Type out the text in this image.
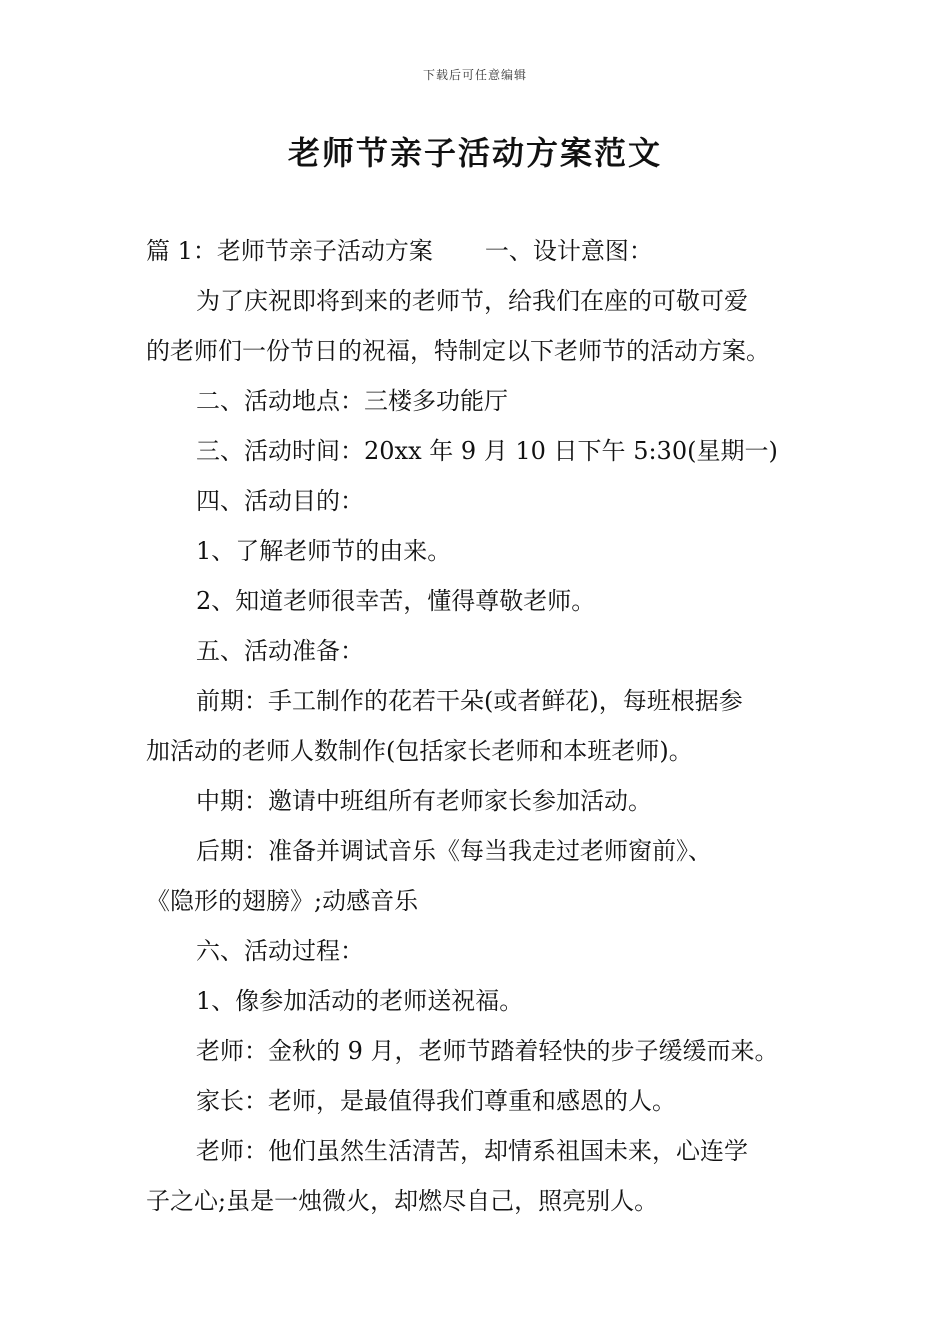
下载后可任意编辑
老师节亲子活动方案范文

篇 1：老师节亲子活动方案 一、设计意图：

为了庆祝即将到来的老师节，给我们在座的可敬可爱

的老师们一份节日的祝福，特制定以下老师节的活动方案。

二、活动地点：三楼多功能厅

三、活动时间：20xx 年 9 月 10 日下午 5:30(星期一)

四、活动目的：

1、了解老师节的由来。

2、知道老师很幸苦，懂得尊敬老师。

五、活动准备：

前期：手工制作的花若干朵(或者鲜花)，每班根据参

加活动的老师人数制作(包括家长老师和本班老师)。

中期：邀请中班组所有老师家长参加活动。

后期：准备并调试音乐《每当我走过老师窗前》、

《隐形的翅膀》;动感音乐

六、活动过程：

1、像参加活动的老师送祝福。

老师：金秋的 9 月，老师节踏着轻快的步子缓缓而来。

家长：老师，是最值得我们尊重和感恩的人。

老师：他们虽然生活清苦，却情系祖国未来，心连学

子之心;虽是一烛微火，却燃尽自己，照亮别人。
